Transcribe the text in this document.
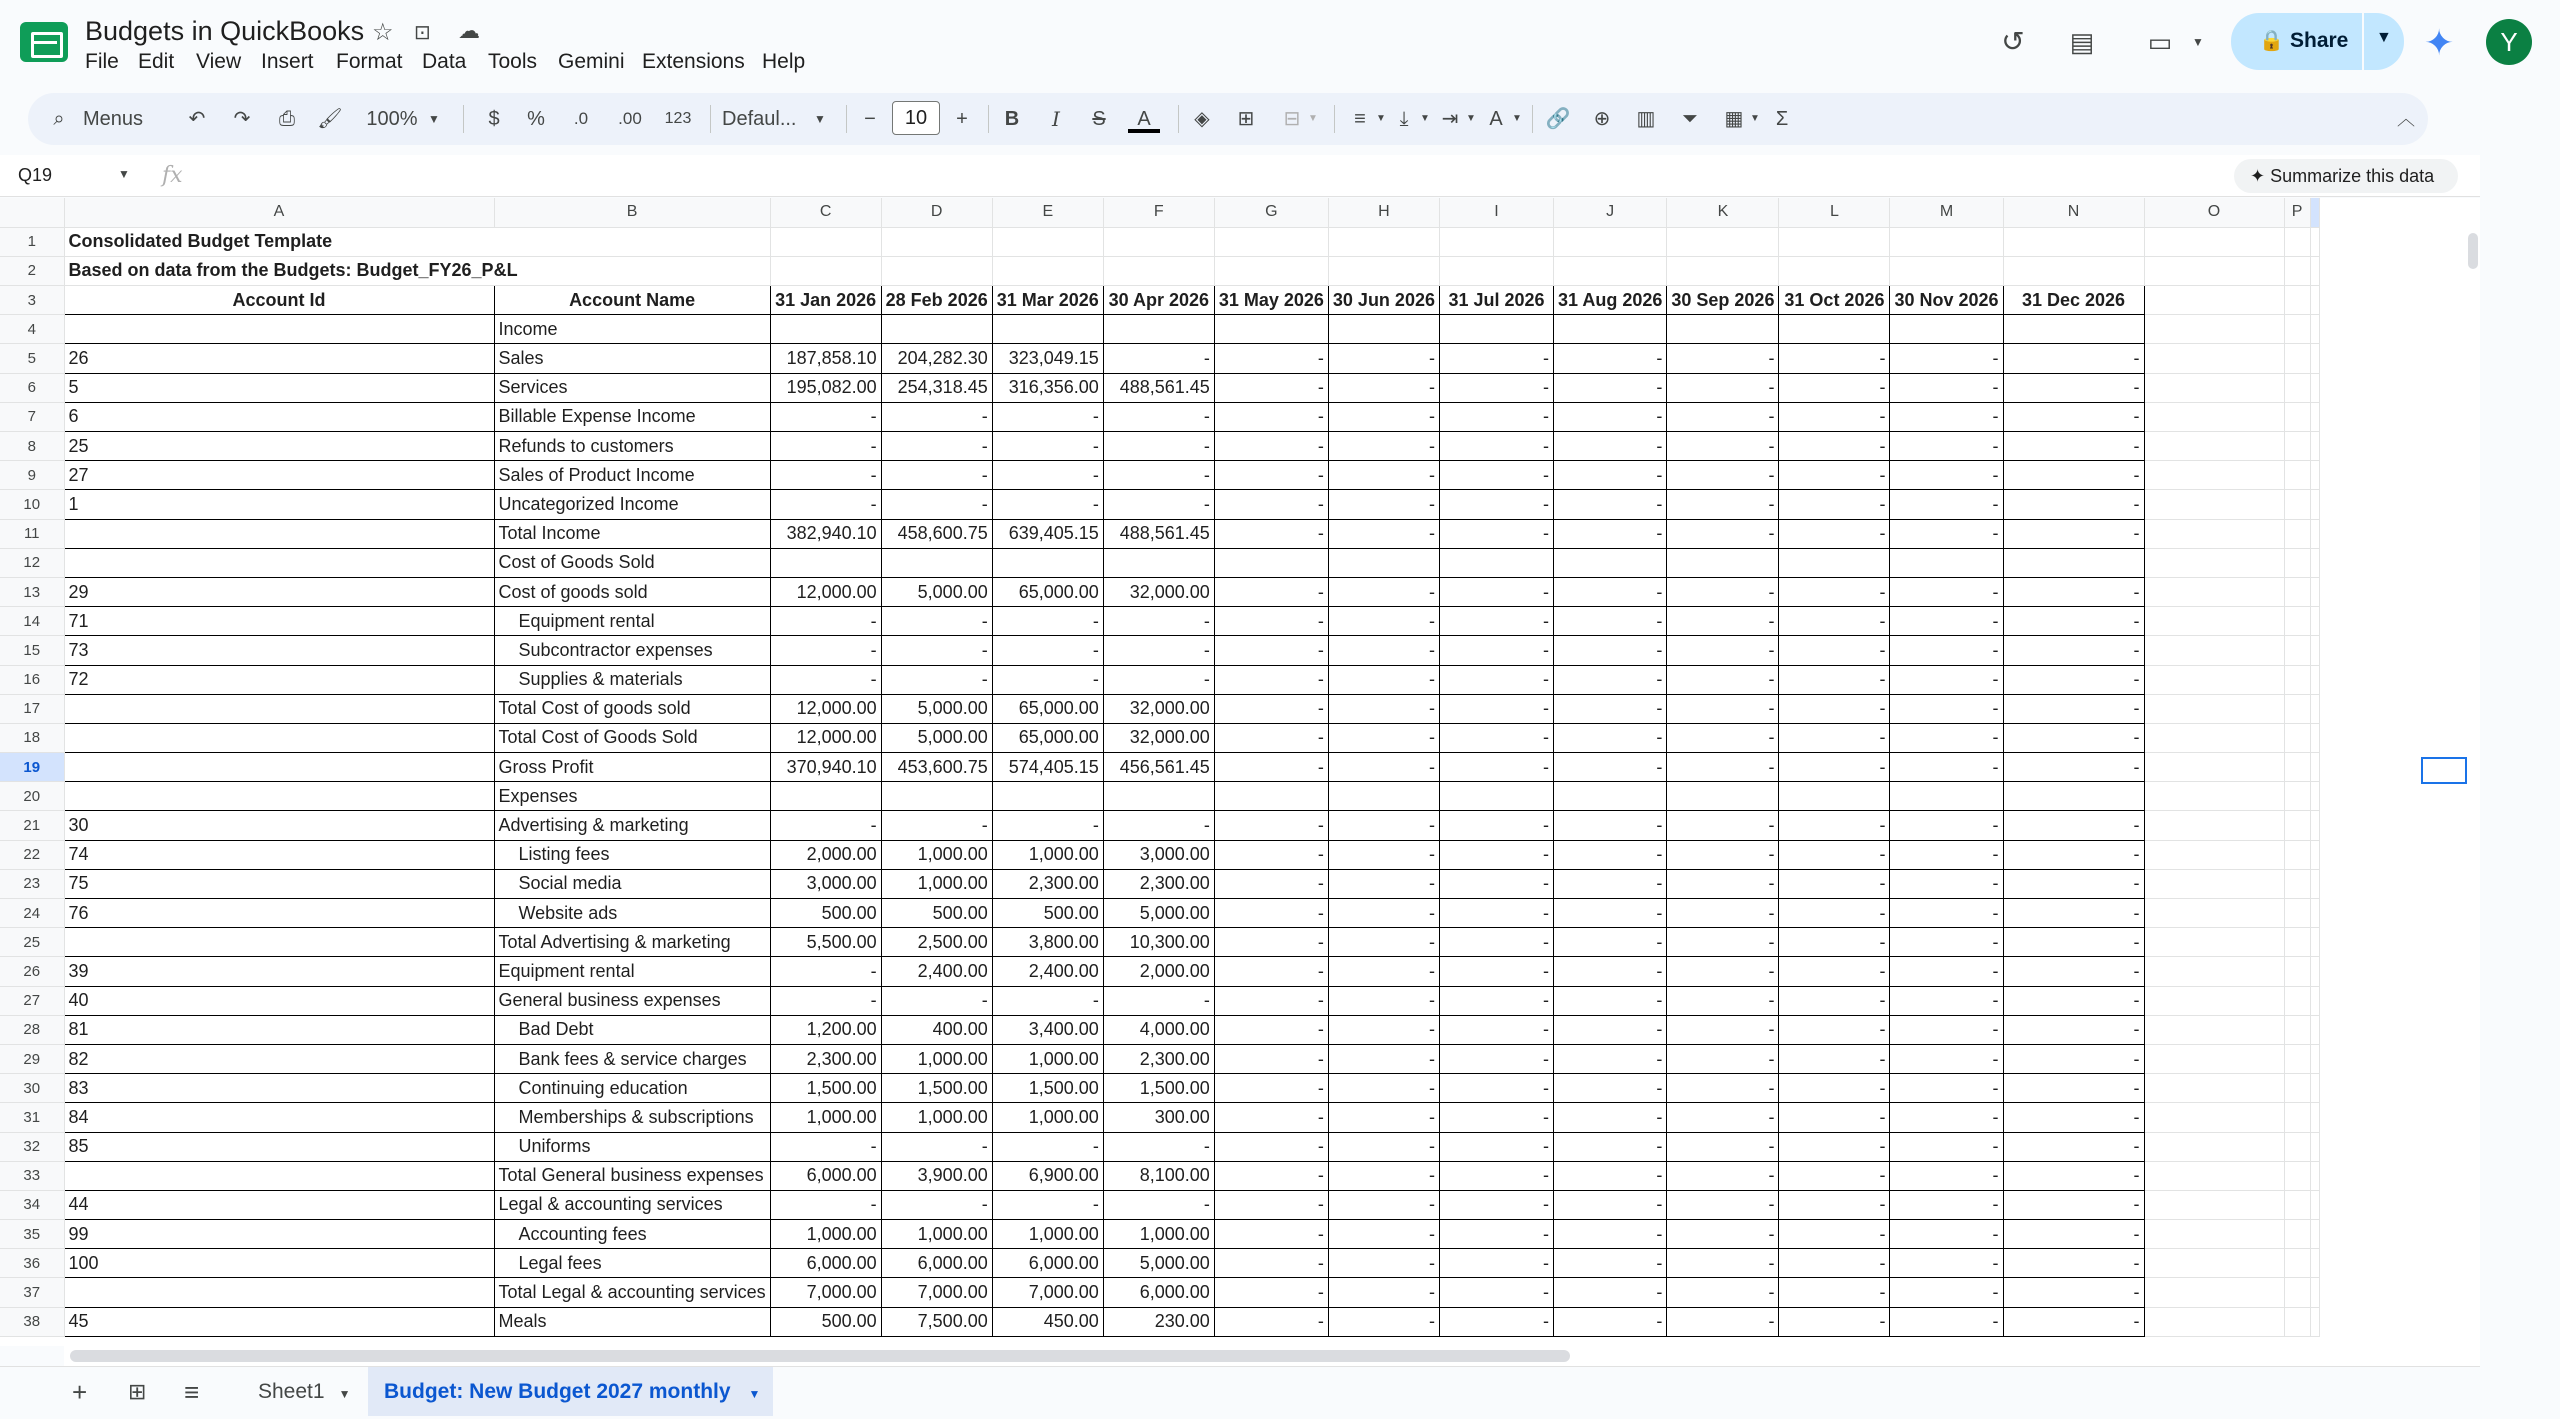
Budgets in QuickBooks ☆ ⊡ ☁
File Edit View Insert Format Data Tools Gemini Extensions Help
↺ ▤ ▭	▼	🔒 Share ▼ ✦	Y
⌕ Menus	↶ ↷	⎙	🖌 100% ▼	$	%	.0	.00	123	Defaul...	▼	−	10	+	B	I	S	A	◈	⊞ ⊟ ▼	≡	▼ ⤓	▼ ⇥ ▼ A ▼ 🔗 ⊕ ▥	⏷	▦ ▼ Σ	︿
Q19	▼ fx	✦ Summarize this data
	A	B	C	D	E	F	G	H	I	J	K	L	M	N	O	P	
1	Consolidated Budget Template																
2	Based on data from the Budgets: Budget_FY26_P&L																
3	Account Id	Account Name	31 Jan 2026	28 Feb 2026	31 Mar 2026	30 Apr 2026	31 May 2026	30 Jun 2026	31 Jul 2026	31 Aug 2026	30 Sep 2026	31 Oct 2026	30 Nov 2026	31 Dec 2026			
4		Income															
5	26	Sales	187,858.10	204,282.30	323,049.15	-	-	-	-	-	-	-	-	-			
6	5	Services	195,082.00	254,318.45	316,356.00	488,561.45	-	-	-	-	-	-	-	-			
7	6	Billable Expense Income	-	-	-	-	-	-	-	-	-	-	-	-			
8	25	Refunds to customers	-	-	-	-	-	-	-	-	-	-	-	-			
9	27	Sales of Product Income	-	-	-	-	-	-	-	-	-	-	-	-			
10	1	Uncategorized Income	-	-	-	-	-	-	-	-	-	-	-	-			
11		Total Income	382,940.10	458,600.75	639,405.15	488,561.45	-	-	-	-	-	-	-	-			
12		Cost of Goods Sold															
13	29	Cost of goods sold	12,000.00	5,000.00	65,000.00	32,000.00	-	-	-	-	-	-	-	-			
14	71	Equipment rental	-	-	-	-	-	-	-	-	-	-	-	-			
15	73	Subcontractor expenses	-	-	-	-	-	-	-	-	-	-	-	-			
16	72	Supplies & materials	-	-	-	-	-	-	-	-	-	-	-	-			
17		Total Cost of goods sold	12,000.00	5,000.00	65,000.00	32,000.00	-	-	-	-	-	-	-	-			
18		Total Cost of Goods Sold	12,000.00	5,000.00	65,000.00	32,000.00	-	-	-	-	-	-	-	-			
19		Gross Profit	370,940.10	453,600.75	574,405.15	456,561.45	-	-	-	-	-	-	-	-			
20		Expenses															
21	30	Advertising & marketing	-	-	-	-	-	-	-	-	-	-	-	-			
22	74	Listing fees	2,000.00	1,000.00	1,000.00	3,000.00	-	-	-	-	-	-	-	-			
23	75	Social media	3,000.00	1,000.00	2,300.00	2,300.00	-	-	-	-	-	-	-	-			
24	76	Website ads	500.00	500.00	500.00	5,000.00	-	-	-	-	-	-	-	-			
25		Total Advertising & marketing	5,500.00	2,500.00	3,800.00	10,300.00	-	-	-	-	-	-	-	-			
26	39	Equipment rental	-	2,400.00	2,400.00	2,000.00	-	-	-	-	-	-	-	-			
27	40	General business expenses	-	-	-	-	-	-	-	-	-	-	-	-			
28	81	Bad Debt	1,200.00	400.00	3,400.00	4,000.00	-	-	-	-	-	-	-	-			
29	82	Bank fees & service charges	2,300.00	1,000.00	1,000.00	2,300.00	-	-	-	-	-	-	-	-			
30	83	Continuing education	1,500.00	1,500.00	1,500.00	1,500.00	-	-	-	-	-	-	-	-			
31	84	Memberships & subscriptions	1,000.00	1,000.00	1,000.00	300.00	-	-	-	-	-	-	-	-			
32	85	Uniforms	-	-	-	-	-	-	-	-	-	-	-	-			
33		Total General business expenses	6,000.00	3,900.00	6,900.00	8,100.00	-	-	-	-	-	-	-	-			
34	44	Legal & accounting services	-	-	-	-	-	-	-	-	-	-	-	-			
35	99	Accounting fees	1,000.00	1,000.00	1,000.00	1,000.00	-	-	-	-	-	-	-	-			
36	100	Legal fees	6,000.00	6,000.00	6,000.00	5,000.00	-	-	-	-	-	-	-	-			
37		Total Legal & accounting services	7,000.00	7,000.00	7,000.00	6,000.00	-	-	-	-	-	-	-	-			
38	45	Meals	500.00	7,500.00	450.00	230.00	-	-	-	-	-	-	-	-			
+ ⊞ ≡	Sheet1 ▼	Budget: New Budget 2027 monthly ▼
